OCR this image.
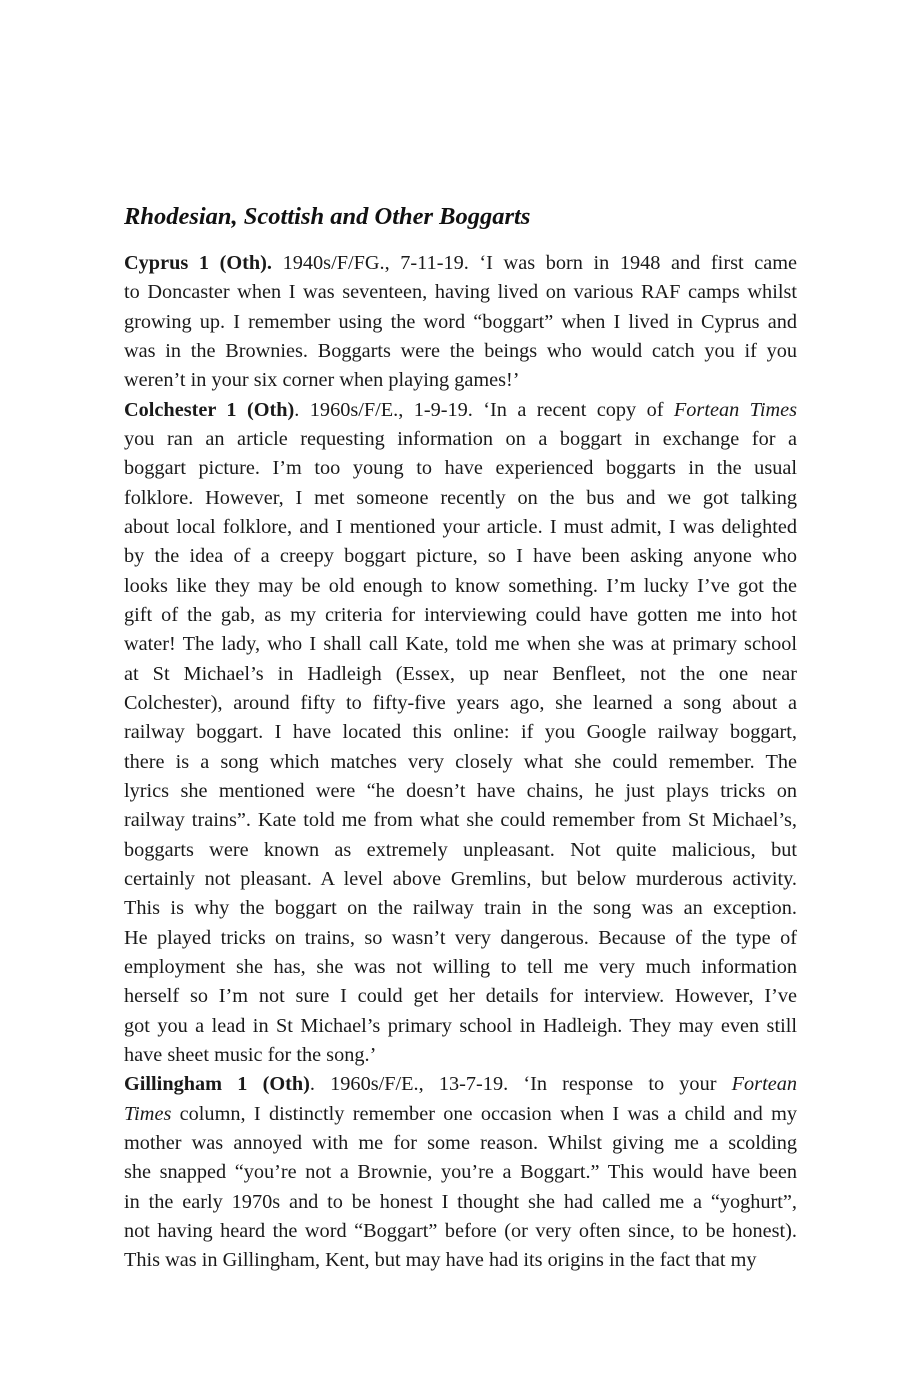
Rhodesian, Scottish and Other Boggarts
Cyprus 1 (Oth). 1940s/F/FG., 7-11-19. ‘I was born in 1948 and first came
to Doncaster when I was seventeen, having lived on various RAF camps whilst
growing up. I remember using the word “boggart” when I lived in Cyprus and
was in the Brownies. Boggarts were the beings who would catch you if you
weren’t in your six corner when playing games!’
Colchester 1 (Oth). 1960s/F/E., 1-9-19. ‘In a recent copy of Fortean Times
you ran an article requesting information on a boggart in exchange for a
boggart picture. I’m too young to have experienced boggarts in the usual
folklore. However, I met someone recently on the bus and we got talking
about local folklore, and I mentioned your article. I must admit, I was delighted
by the idea of a creepy boggart picture, so I have been asking anyone who
looks like they may be old enough to know something. I’m lucky I’ve got the
gift of the gab, as my criteria for interviewing could have gotten me into hot
water! The lady, who I shall call Kate, told me when she was at primary school
at St Michael’s in Hadleigh (Essex, up near Benfleet, not the one near
Colchester), around fifty to fifty-five years ago, she learned a song about a
railway boggart. I have located this online: if you Google railway boggart,
there is a song which matches very closely what she could remember. The
lyrics she mentioned were “he doesn’t have chains, he just plays tricks on
railway trains”. Kate told me from what she could remember from St Michael’s,
boggarts were known as extremely unpleasant. Not quite malicious, but
certainly not pleasant. A level above Gremlins, but below murderous activity.
This is why the boggart on the railway train in the song was an exception.
He played tricks on trains, so wasn’t very dangerous. Because of the type of
employment she has, she was not willing to tell me very much information
herself so I’m not sure I could get her details for interview. However, I’ve
got you a lead in St Michael’s primary school in Hadleigh. They may even still
have sheet music for the song.’
Gillingham 1 (Oth). 1960s/F/E., 13-7-19. ‘In response to your Fortean
Times column, I distinctly remember one occasion when I was a child and my
mother was annoyed with me for some reason. Whilst giving me a scolding
she snapped “you’re not a Brownie, you’re a Boggart.” This would have been
in the early 1970s and to be honest I thought she had called me a “yoghurt”,
not having heard the word “Boggart” before (or very often since, to be honest).
This was in Gillingham, Kent, but may have had its origins in the fact that my
